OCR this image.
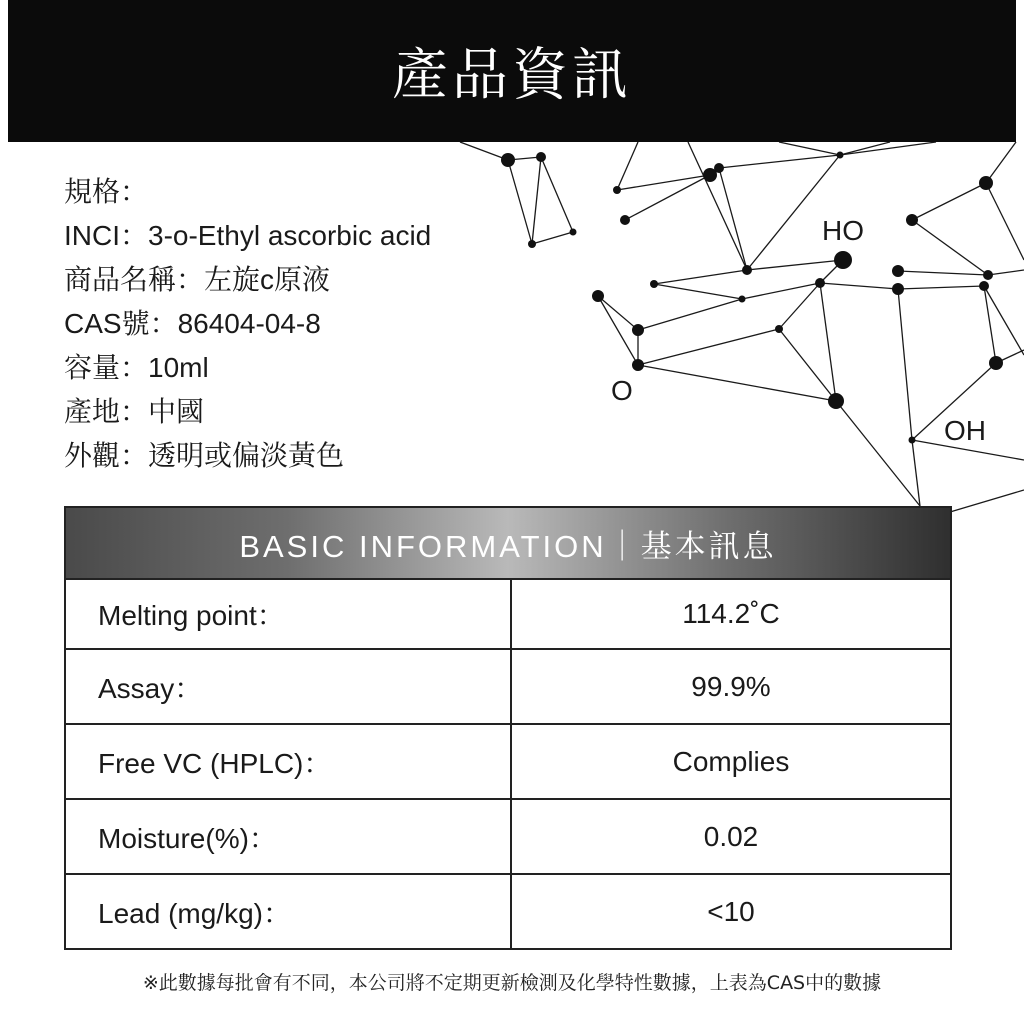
HO
O
OH
產品資訊
規格：
INCI：3-o-Ethyl ascorbic acid
商品名稱：左旋c原液
CAS號：86404-04-8
容量：10ml
產地：中國
外觀：透明或偏淡黃色
BASIC INFORMATION｜基本訊息
Melting point：	114.2˚C
Assay：	99.9%
Free VC (HPLC)：	Complies
Moisture(%)：	0.02
Lead (mg/kg)：	<10
※此數據每批會有不同，本公司將不定期更新檢測及化學特性數據，上表為CAS中的數據
